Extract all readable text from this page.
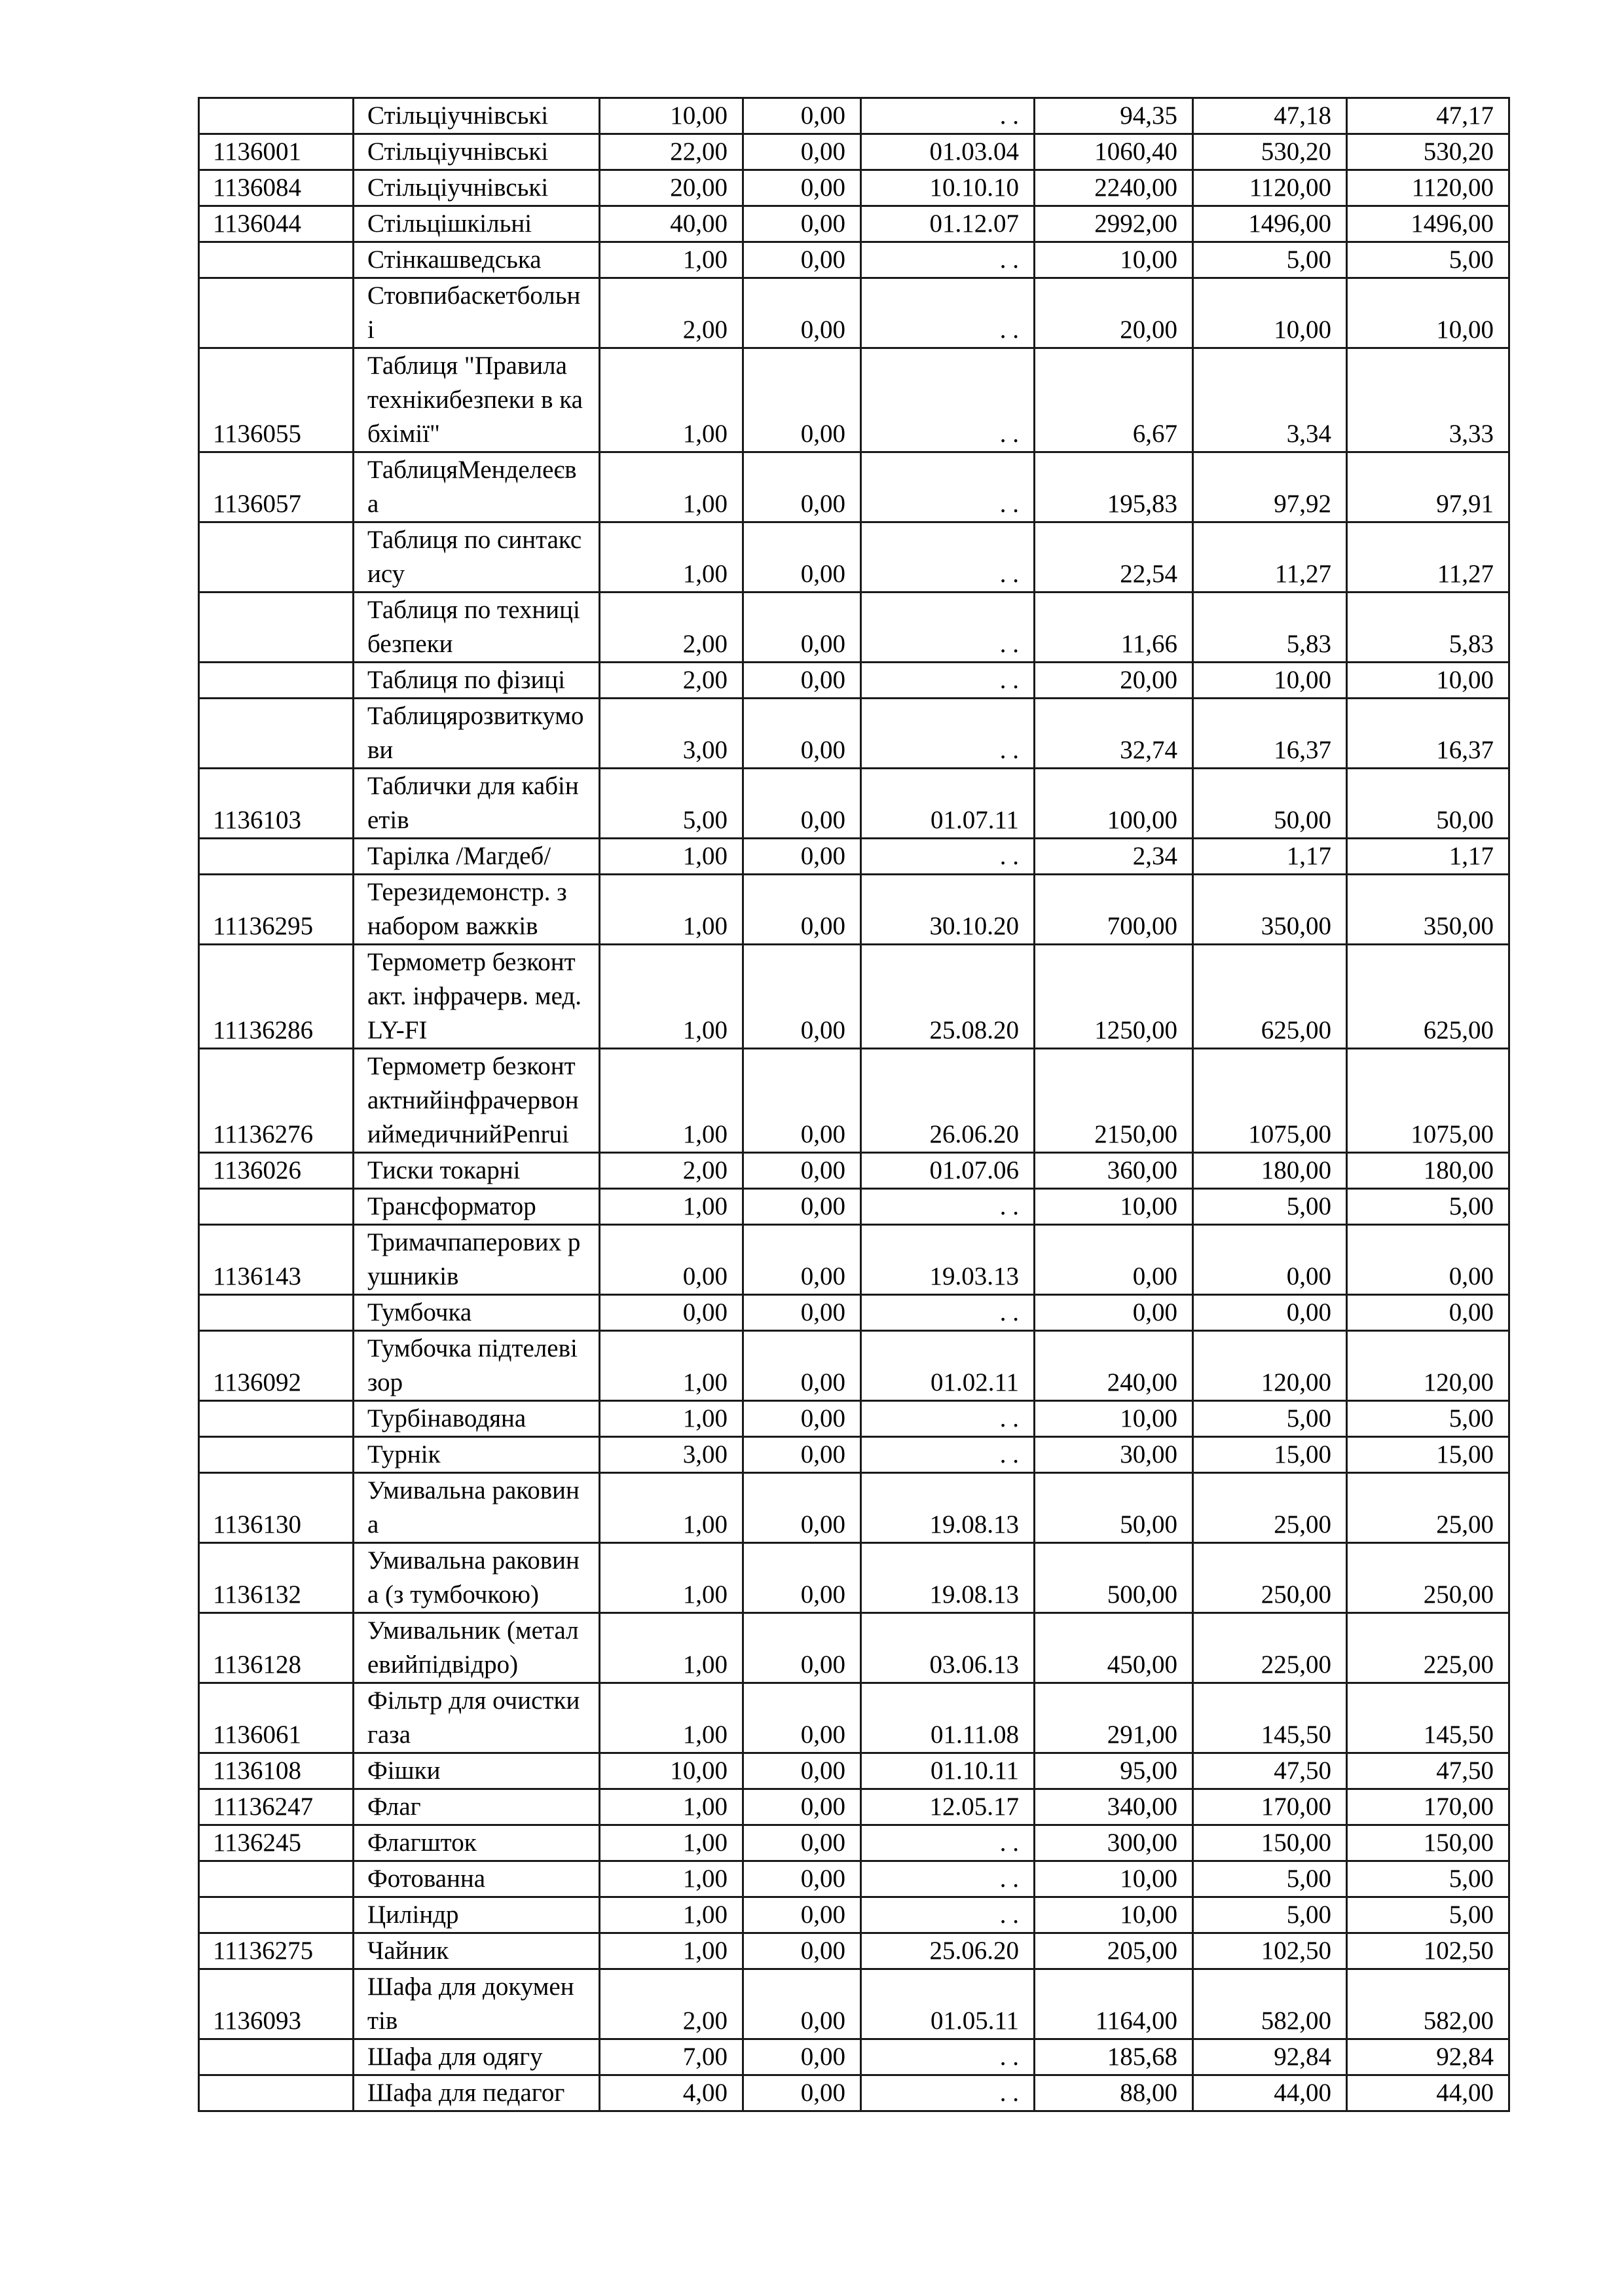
	Стільціучнівські	10,00	0,00	. .	94,35	47,18	47,17
1136001	Стільціучнівські	22,00	0,00	01.03.04	1060,40	530,20	530,20
1136084	Стільціучнівські	20,00	0,00	10.10.10	2240,00	1120,00	1120,00
1136044	Стільцішкільні	40,00	0,00	01.12.07	2992,00	1496,00	1496,00
	Стінкашведська	1,00	0,00	. .	10,00	5,00	5,00
	Стовпибаскетбольні	2,00	0,00	. .	20,00	10,00	10,00
1136055	Таблиця "Правила технікибезпеки в кабхімії"	1,00	0,00	. .	6,67	3,34	3,33
1136057	ТаблицяМенделеєва	1,00	0,00	. .	195,83	97,92	97,91
	Таблиця по синтаксису	1,00	0,00	. .	22,54	11,27	11,27
	Таблиця по техницібезпеки	2,00	0,00	. .	11,66	5,83	5,83
	Таблиця по фізиці	2,00	0,00	. .	20,00	10,00	10,00
	Таблицярозвиткумови	3,00	0,00	. .	32,74	16,37	16,37
1136103	Таблички для кабінетів	5,00	0,00	01.07.11	100,00	50,00	50,00
	Тарілка /Магдеб/	1,00	0,00	. .	2,34	1,17	1,17
11136295	Терезидемонстр. з набором важків	1,00	0,00	30.10.20	700,00	350,00	350,00
11136286	Термометр безконтакт. інфрачерв. мед. LY-FI	1,00	0,00	25.08.20	1250,00	625,00	625,00
11136276	Термометр безконтактнийінфрачервониймедичнийPenrui	1,00	0,00	26.06.20	2150,00	1075,00	1075,00
1136026	Тиски токарні	2,00	0,00	01.07.06	360,00	180,00	180,00
	Трансформатор	1,00	0,00	. .	10,00	5,00	5,00
1136143	Тримачпаперових рушників	0,00	0,00	19.03.13	0,00	0,00	0,00
	Тумбочка	0,00	0,00	. .	0,00	0,00	0,00
1136092	Тумбочка підтелевізор	1,00	0,00	01.02.11	240,00	120,00	120,00
	Турбінаводяна	1,00	0,00	. .	10,00	5,00	5,00
	Турнік	3,00	0,00	. .	30,00	15,00	15,00
1136130	Умивальна раковина	1,00	0,00	19.08.13	50,00	25,00	25,00
1136132	Умивальна раковина (з тумбочкою)	1,00	0,00	19.08.13	500,00	250,00	250,00
1136128	Умивальник (металевийпідвідро)	1,00	0,00	03.06.13	450,00	225,00	225,00
1136061	Фільтр для очистки газа	1,00	0,00	01.11.08	291,00	145,50	145,50
1136108	Фішки	10,00	0,00	01.10.11	95,00	47,50	47,50
11136247	Флаг	1,00	0,00	12.05.17	340,00	170,00	170,00
1136245	Флагшток	1,00	0,00	. .	300,00	150,00	150,00
	Фотованна	1,00	0,00	. .	10,00	5,00	5,00
	Циліндр	1,00	0,00	. .	10,00	5,00	5,00
11136275	Чайник	1,00	0,00	25.06.20	205,00	102,50	102,50
1136093	Шафа для документів	2,00	0,00	01.05.11	1164,00	582,00	582,00
	Шафа для одягу	7,00	0,00	. .	185,68	92,84	92,84
	Шафа для педагог	4,00	0,00	. .	88,00	44,00	44,00
